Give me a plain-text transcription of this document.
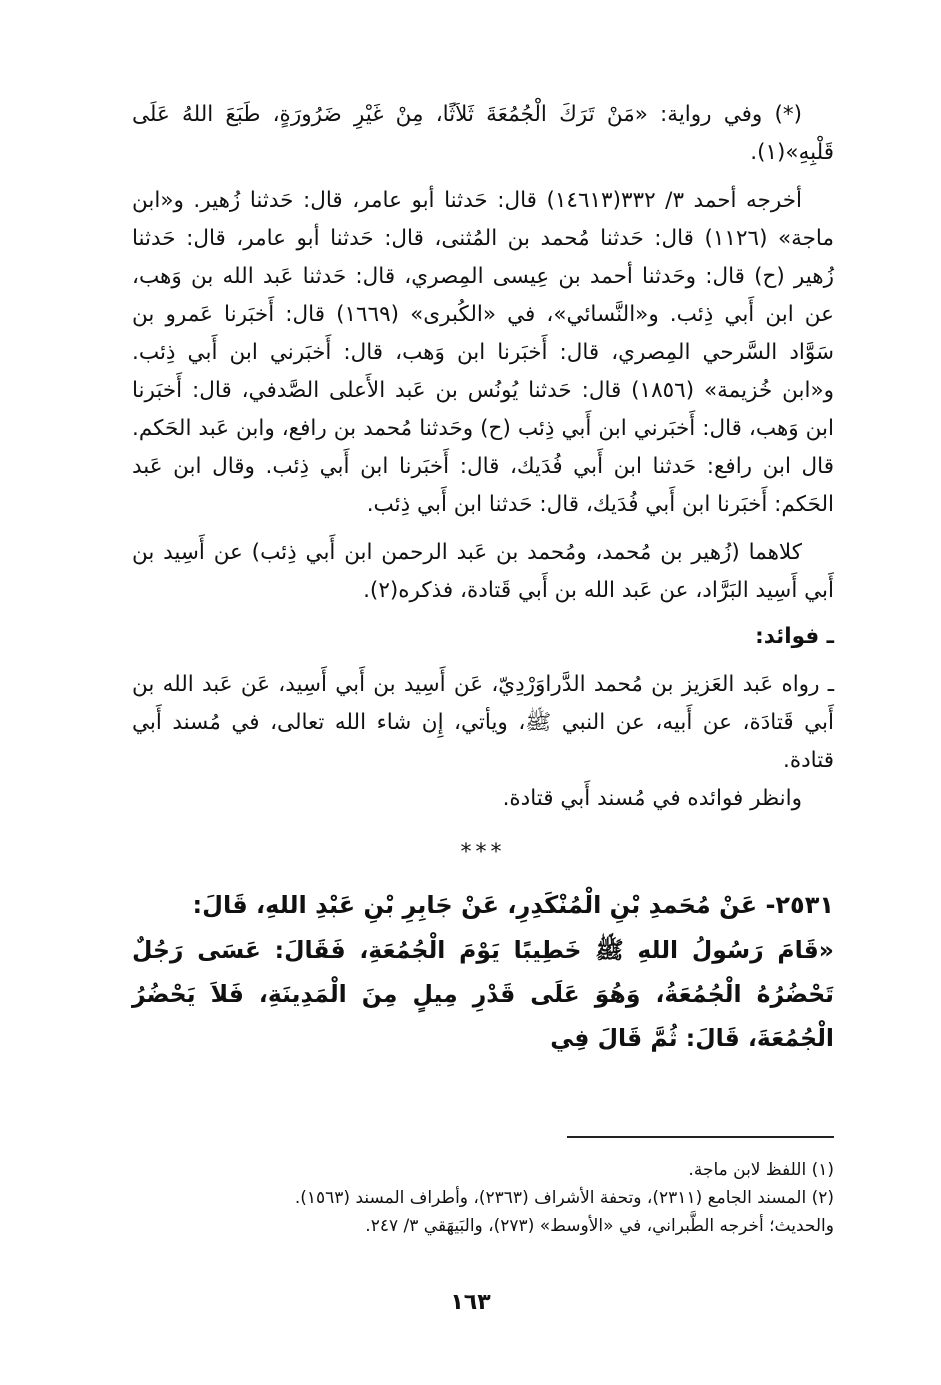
(*) وفي رواية: «مَنْ تَرَكَ الْجُمُعَةَ ثَلاَثًا، مِنْ غَيْرِ ضَرُورَةٍ، طَبَعَ اللهُ عَلَى قَلْبِهِ»(١).

أخرجه أحمد ٣/ ٣٣٢(١٤٦١٣) قال: حَدثنا أبو عامر، قال: حَدثنا زُهير. و«ابن ماجة» (١١٢٦) قال: حَدثنا مُحمد بن المُثنى، قال: حَدثنا أبو عامر، قال: حَدثنا زُهير (ح) قال: وحَدثنا أحمد بن عِيسى المِصري، قال: حَدثنا عَبد الله بن وَهب، عن ابن أَبي ذِئب. و«النَّسائي»، في «الكُبرى» (١٦٦٩) قال: أَخبَرنا عَمرو بن سَوَّاد السَّرحي المِصري، قال: أَخبَرنا ابن وَهب، قال: أَخبَرني ابن أَبي ذِئب. و«ابن خُزيمة» (١٨٥٦) قال: حَدثنا يُونُس بن عَبد الأَعلى الصَّدفي، قال: أَخبَرنا ابن وَهب، قال: أَخبَرني ابن أَبي ذِئب (ح) وحَدثنا مُحمد بن رافع، وابن عَبد الحَكم. قال ابن رافع: حَدثنا ابن أَبي فُدَيك، قال: أَخبَرنا ابن أَبي ذِئب. وقال ابن عَبد الحَكم: أَخبَرنا ابن أَبي فُدَيك، قال: حَدثنا ابن أَبي ذِئب.

كلاهما (زُهير بن مُحمد، ومُحمد بن عَبد الرحمن ابن أَبي ذِئب) عن أَسِيد بن أَبي أَسِيد البَرَّاد، عن عَبد الله بن أَبي قَتادة، فذكره(٢).

ـ فوائد:

ـ رواه عَبد العَزيز بن مُحمد الدَّراوَرْدِيّ، عَن أَسِيد بن أَبي أَسِيد، عَن عَبد الله بن أَبي قَتادَة، عن أَبيه، عن النبي ﷺ، ويأتي، إِن شاء الله تعالى، في مُسند أَبي قتادة.

وانظر فوائده في مُسند أَبي قتادة.

***

٢٥٣١- عَنْ مُحَمدِ بْنِ الْمُنْكَدِرِ، عَنْ جَابِرِ بْنِ عَبْدِ اللهِ، قَالَ:

«قَامَ رَسُولُ اللهِ ﷺ خَطِيبًا يَوْمَ الْجُمُعَةِ، فَقَالَ: عَسَى رَجُلٌ تَحْضُرُهُ الْجُمُعَةُ، وَهُوَ عَلَى قَدْرِ مِيلٍ مِنَ الْمَدِينَةِ، فَلاَ يَحْضُرُ الْجُمُعَةَ، قَالَ: ثُمَّ قَالَ فِي

(١) اللفظ لابن ماجة.

(٢) المسند الجامع (٢٣١١)، وتحفة الأشراف (٢٣٦٣)، وأطراف المسند (١٥٦٣).

والحديث؛ أخرجه الطَّبراني، في «الأوسط» (٢٧٣)، والبَيهَقي ٣/ ٢٤٧.

١٦٣
